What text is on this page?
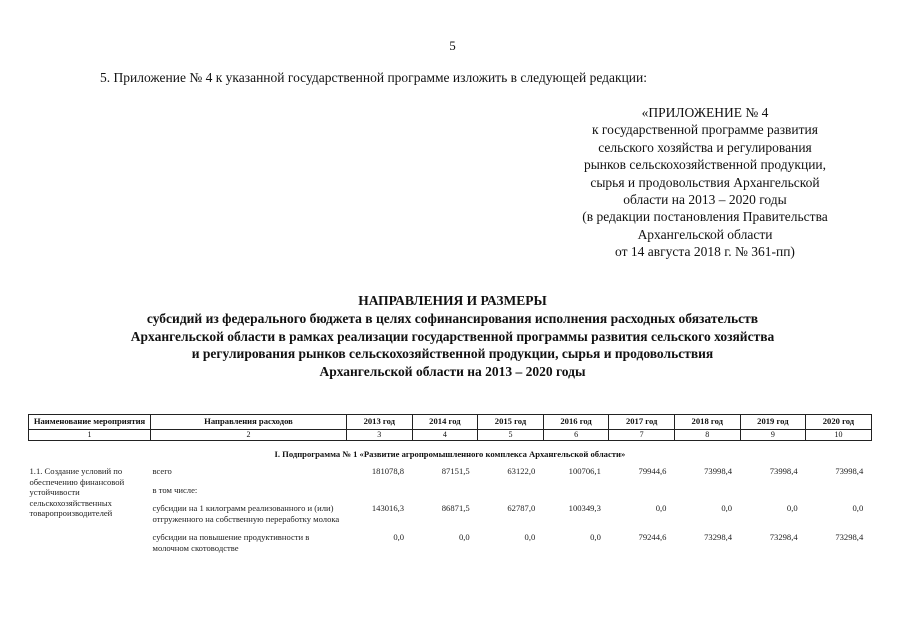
5
5. Приложение № 4 к указанной государственной программе изложить в следующей редакции:
«ПРИЛОЖЕНИЕ № 4
к государственной программе развития
сельского хозяйства и регулирования
рынков сельскохозяйственной продукции,
сырья и продовольствия Архангельской
области на 2013 – 2020 годы
(в редакции постановления Правительства
Архангельской области
от 14 августа 2018 г. № 361-пп)
НАПРАВЛЕНИЯ И РАЗМЕРЫ
субсидий из федерального бюджета в целях софинансирования исполнения расходных обязательств
Архангельской области в рамках реализации государственной программы развития сельского хозяйства
и регулирования рынков сельскохозяйственной продукции, сырья и продовольствия
Архангельской области на 2013 – 2020 годы
Наименование мероприятия	Направления расходов	2013 год	2014 год	2015 год	2016 год	2017 год	2018 год	2019 год	2020 год
1	2	3	4	5	6	7	8	9	10
I. Подпрограмма № 1 «Развитие агропромышленного комплекса Архангельской области»									
1.1. Создание условий по обеспечению финансовой устойчивости сельскохозяйственных товаропроизводителей	всего	181078,8	87151,5	63122,0	100706,1	79944,6	73998,4	73998,4	73998,4
	в том числе:								
	субсидии на 1 килограмм реализованного и (или) отгруженного на собственную переработку молока	143016,3	86871,5	62787,0	100349,3	0,0	0,0	0,0	0,0
	субсидии на повышение продуктивности в молочном скотоводстве	0,0	0,0	0,0	0,0	79244,6	73298,4	73298,4	73298,4
